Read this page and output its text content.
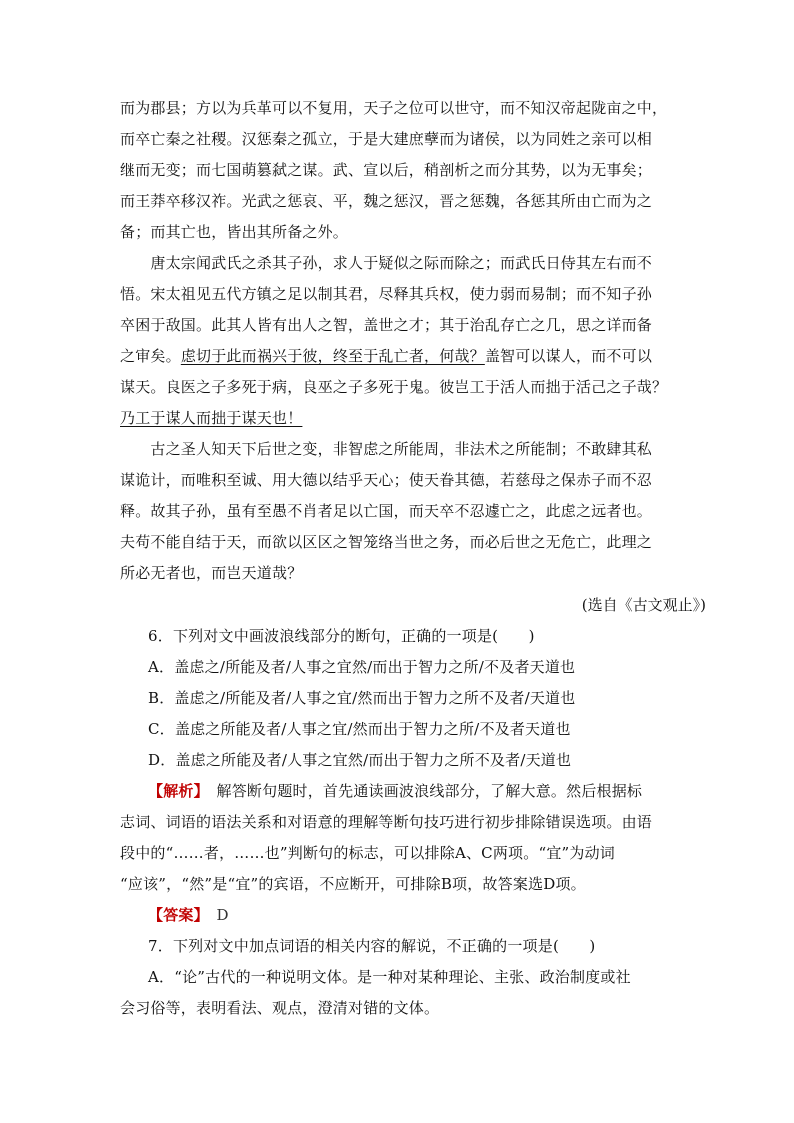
而为郡县；方以为兵革可以不复用，天子之位可以世守，而不知汉帝起陇亩之中，
而卒亡秦之社稷。汉惩秦之孤立，于是大建庶孽而为诸侯，以为同姓之亲可以相
继而无变；而七国萌篡弑之谋。武、宣以后，稍剖析之而分其势，以为无事矣；
而王莽卒移汉祚。光武之惩哀、平，魏之惩汉，晋之惩魏，各惩其所由亡而为之
备；而其亡也，皆出其所备之外。
　　唐太宗闻武氏之杀其子孙，求人于疑似之际而除之；而武氏日侍其左右而不
悟。宋太祖见五代方镇之足以制其君，尽释其兵权，使力弱而易制；而不知子孙
卒困于敌国。此其人皆有出人之智，盖世之才；其于治乱存亡之几，思之详而备
之审矣。虑切于此而祸兴于彼，终至于乱亡者，何哉？盖智可以谋人，而不可以
谋天。良医之子多死于病，良巫之子多死于鬼。彼岂工于活人而拙于活己之子哉？
乃工于谋人而拙于谋天也！
　　古之圣人知天下后世之变，非智虑之所能周，非法术之所能制；不敢肆其私
谋诡计，而唯积至诚、用大德以结乎天心；使天眷其德，若慈母之保赤子而不忍
释。故其子孙，虽有至愚不肖者足以亡国，而天卒不忍遽亡之，此虑之远者也。
夫苟不能自结于天，而欲以区区之智笼络当世之务，而必后世之无危亡，此理之
所必无者也，而岂天道哉？
(选自《古文观止》)
6．下列对文中画波浪线部分的断句，正确的一项是(　　)
A．盖虑之/所能及者/人事之宜然/而出于智力之所/不及者天道也
B．盖虑之/所能及者/人事之宜/然而出于智力之所不及者/天道也
C．盖虑之所能及者/人事之宜/然而出于智力之所/不及者天道也
D．盖虑之所能及者/人事之宜然/而出于智力之所不及者/天道也
【解析】　 解答断句题时，首先通读画波浪线部分，了解大意。然后根据标
志词、词语的语法关系和对语意的理解等断句技巧进行初步排除错误选项。由语
段中的“……者，……也”判断句的标志，可以排除A、C两项。“宜”为动词
“应该”，“然”是“宜”的宾语，不应断开，可排除B项，故答案选D项。
【答案】　 D
7．下列对文中加点词语的相关内容的解说，不正确的一项是(　　)
A．“论”古代的一种说明文体。是一种对某种理论、主张、政治制度或社
会习俗等，表明看法、观点，澄清对错的文体。
